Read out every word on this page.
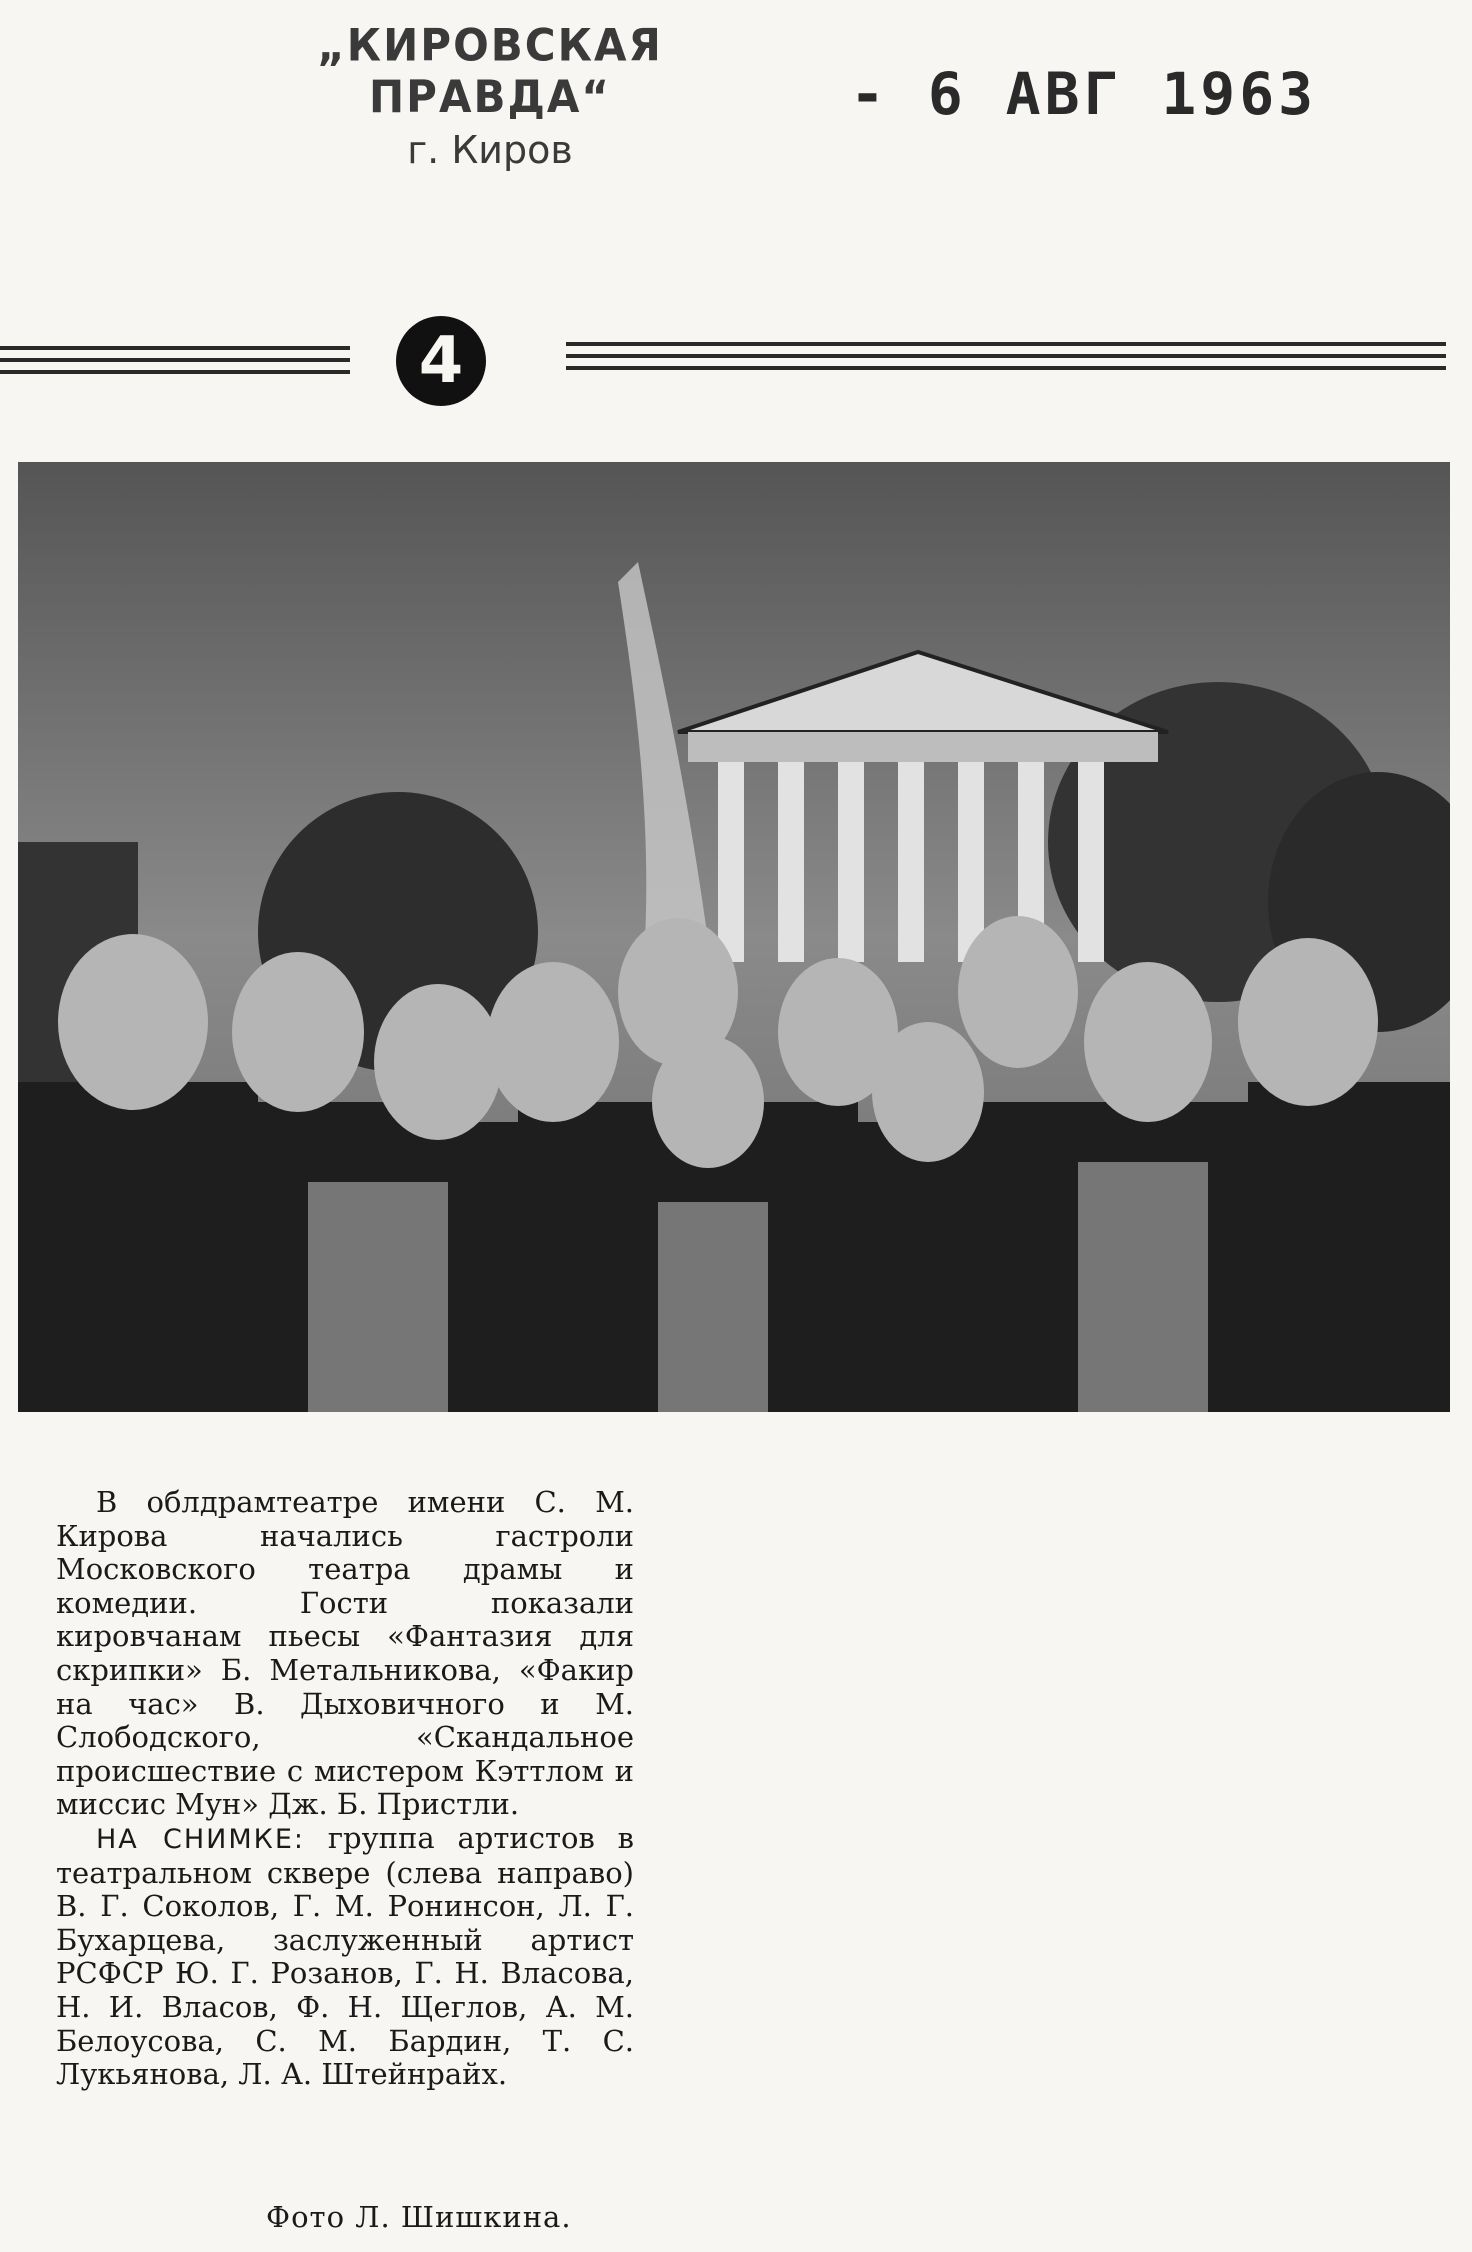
„КИРОВСКАЯ ПРАВДА“
г. Киров
- 6 АВГ 1963
4

В облдрамтеатре имени С. М. Кирова начались гастроли Московского театра драмы и комедии. Гости показали кировчанам пьесы «Фантазия для скрипки» Б. Метальникова, «Факир на час» В. Дыховичного и М. Слободского, «Скандальное происшествие с мистером Кэттлом и миссис Мун» Дж. Б. Пристли.

НА СНИМКЕ: группа артистов в театральном сквере (слева направо) В. Г. Соколов, Г. М. Ронинсон, Л. Г. Бухарцева, заслуженный артист РСФСР Ю. Г. Розанов, Г. Н. Власова, Н. И. Власов, Ф. Н. Щеглов, А. М. Белоусова, С. М. Бардин, Т. С. Лукьянова, Л. А. Штейнрайх.

Фото Л. Шишкина.
